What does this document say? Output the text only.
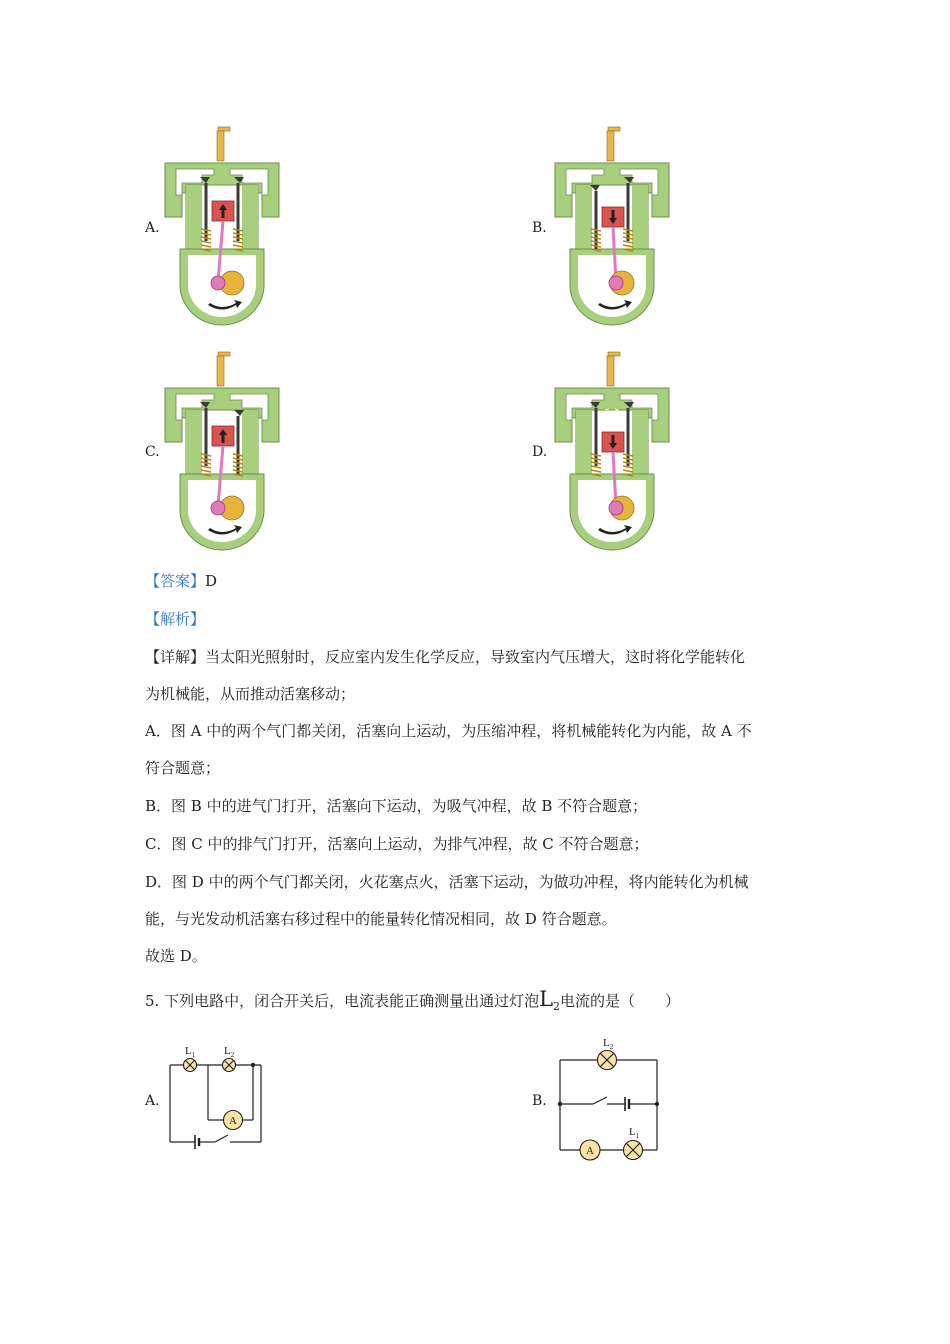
A.	B.
C.	D.
【答案】D
【解析】
【详解】当太阳光照射时，反应室内发生化学反应，导致室内气压增大，这时将化学能转化
为机械能，从而推动活塞移动；
A．图 A 中的两个气门都关闭，活塞向上运动，为压缩冲程，将机械能转化为内能，故 A 不
符合题意；
B．图 B 中的进气门打开，活塞向下运动，为吸气冲程，故 B 不符合题意；
C．图 C 中的排气门打开，活塞向上运动，为排气冲程，故 C 不符合题意；
D．图 D 中的两个气门都关闭，火花塞点火，活塞下运动，为做功冲程，将内能转化为机械
能，与光发动机活塞右移过程中的能量转化情况相同，故 D 符合题意。
故选 D。
5. 下列电路中，闭合开关后，电流表能正确测量出通过灯泡$L_2$电流的是（　　）
A.
A
$L_1$	$L_2$
B.
A
$L_2$
$L_1$
